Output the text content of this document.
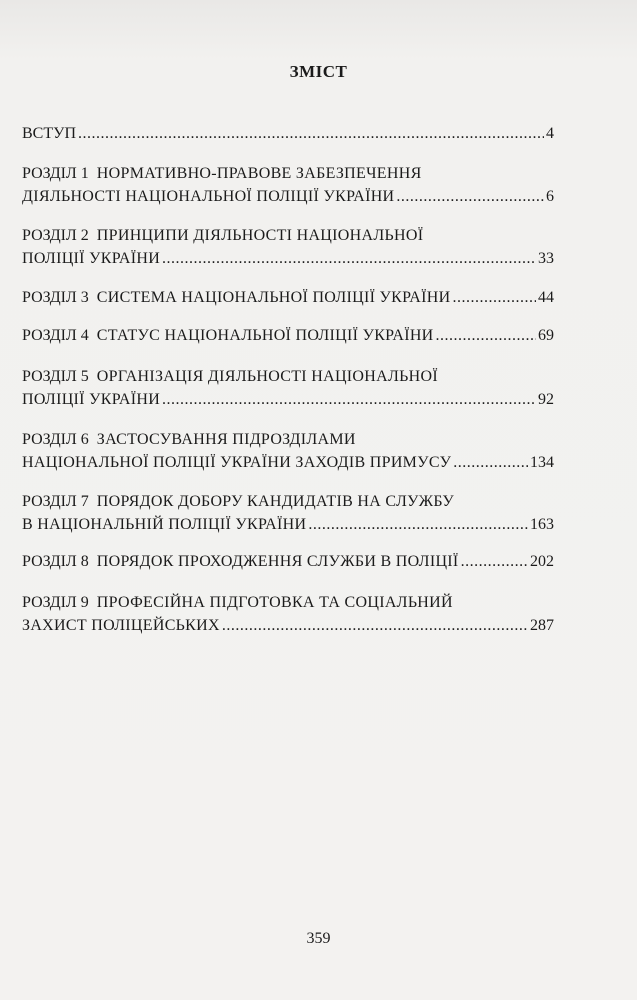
ЗМІСТ
ВСТУП .....	4
РОЗДІЛ 1 НОРМАТИВНО-ПРАВОВЕ ЗАБЕЗПЕЧЕННЯ
ДІЯЛЬНОСТІ НАЦІОНАЛЬНОЇ ПОЛІЦІЇ УКРАЇНИ .....	6
РОЗДІЛ 2 ПРИНЦИПИ ДІЯЛЬНОСТІ НАЦІОНАЛЬНОЇ
ПОЛІЦІЇ УКРАЇНИ .....	33
РОЗДІЛ 3 СИСТЕМА НАЦІОНАЛЬНОЇ ПОЛІЦІЇ УКРАЇНИ .....	44
РОЗДІЛ 4 СТАТУС НАЦІОНАЛЬНОЇ ПОЛІЦІЇ УКРАЇНИ .....	69
РОЗДІЛ 5 ОРГАНІЗАЦІЯ ДІЯЛЬНОСТІ НАЦІОНАЛЬНОЇ
ПОЛІЦІЇ УКРАЇНИ .....	92
РОЗДІЛ 6 ЗАСТОСУВАННЯ ПІДРОЗДІЛАМИ
НАЦІОНАЛЬНОЇ ПОЛІЦІЇ УКРАЇНИ ЗАХОДІВ ПРИМУСУ .....	134
РОЗДІЛ 7 ПОРЯДОК ДОБОРУ КАНДИДАТІВ НА СЛУЖБУ
В НАЦІОНАЛЬНІЙ ПОЛІЦІЇ УКРАЇНИ .....	163
РОЗДІЛ 8 ПОРЯДОК ПРОХОДЖЕННЯ СЛУЖБИ В ПОЛІЦІЇ .....	202
РОЗДІЛ 9 ПРОФЕСІЙНА ПІДГОТОВКА ТА СОЦІАЛЬНИЙ
ЗАХИСТ ПОЛІЦЕЙСЬКИХ .....	287
359
